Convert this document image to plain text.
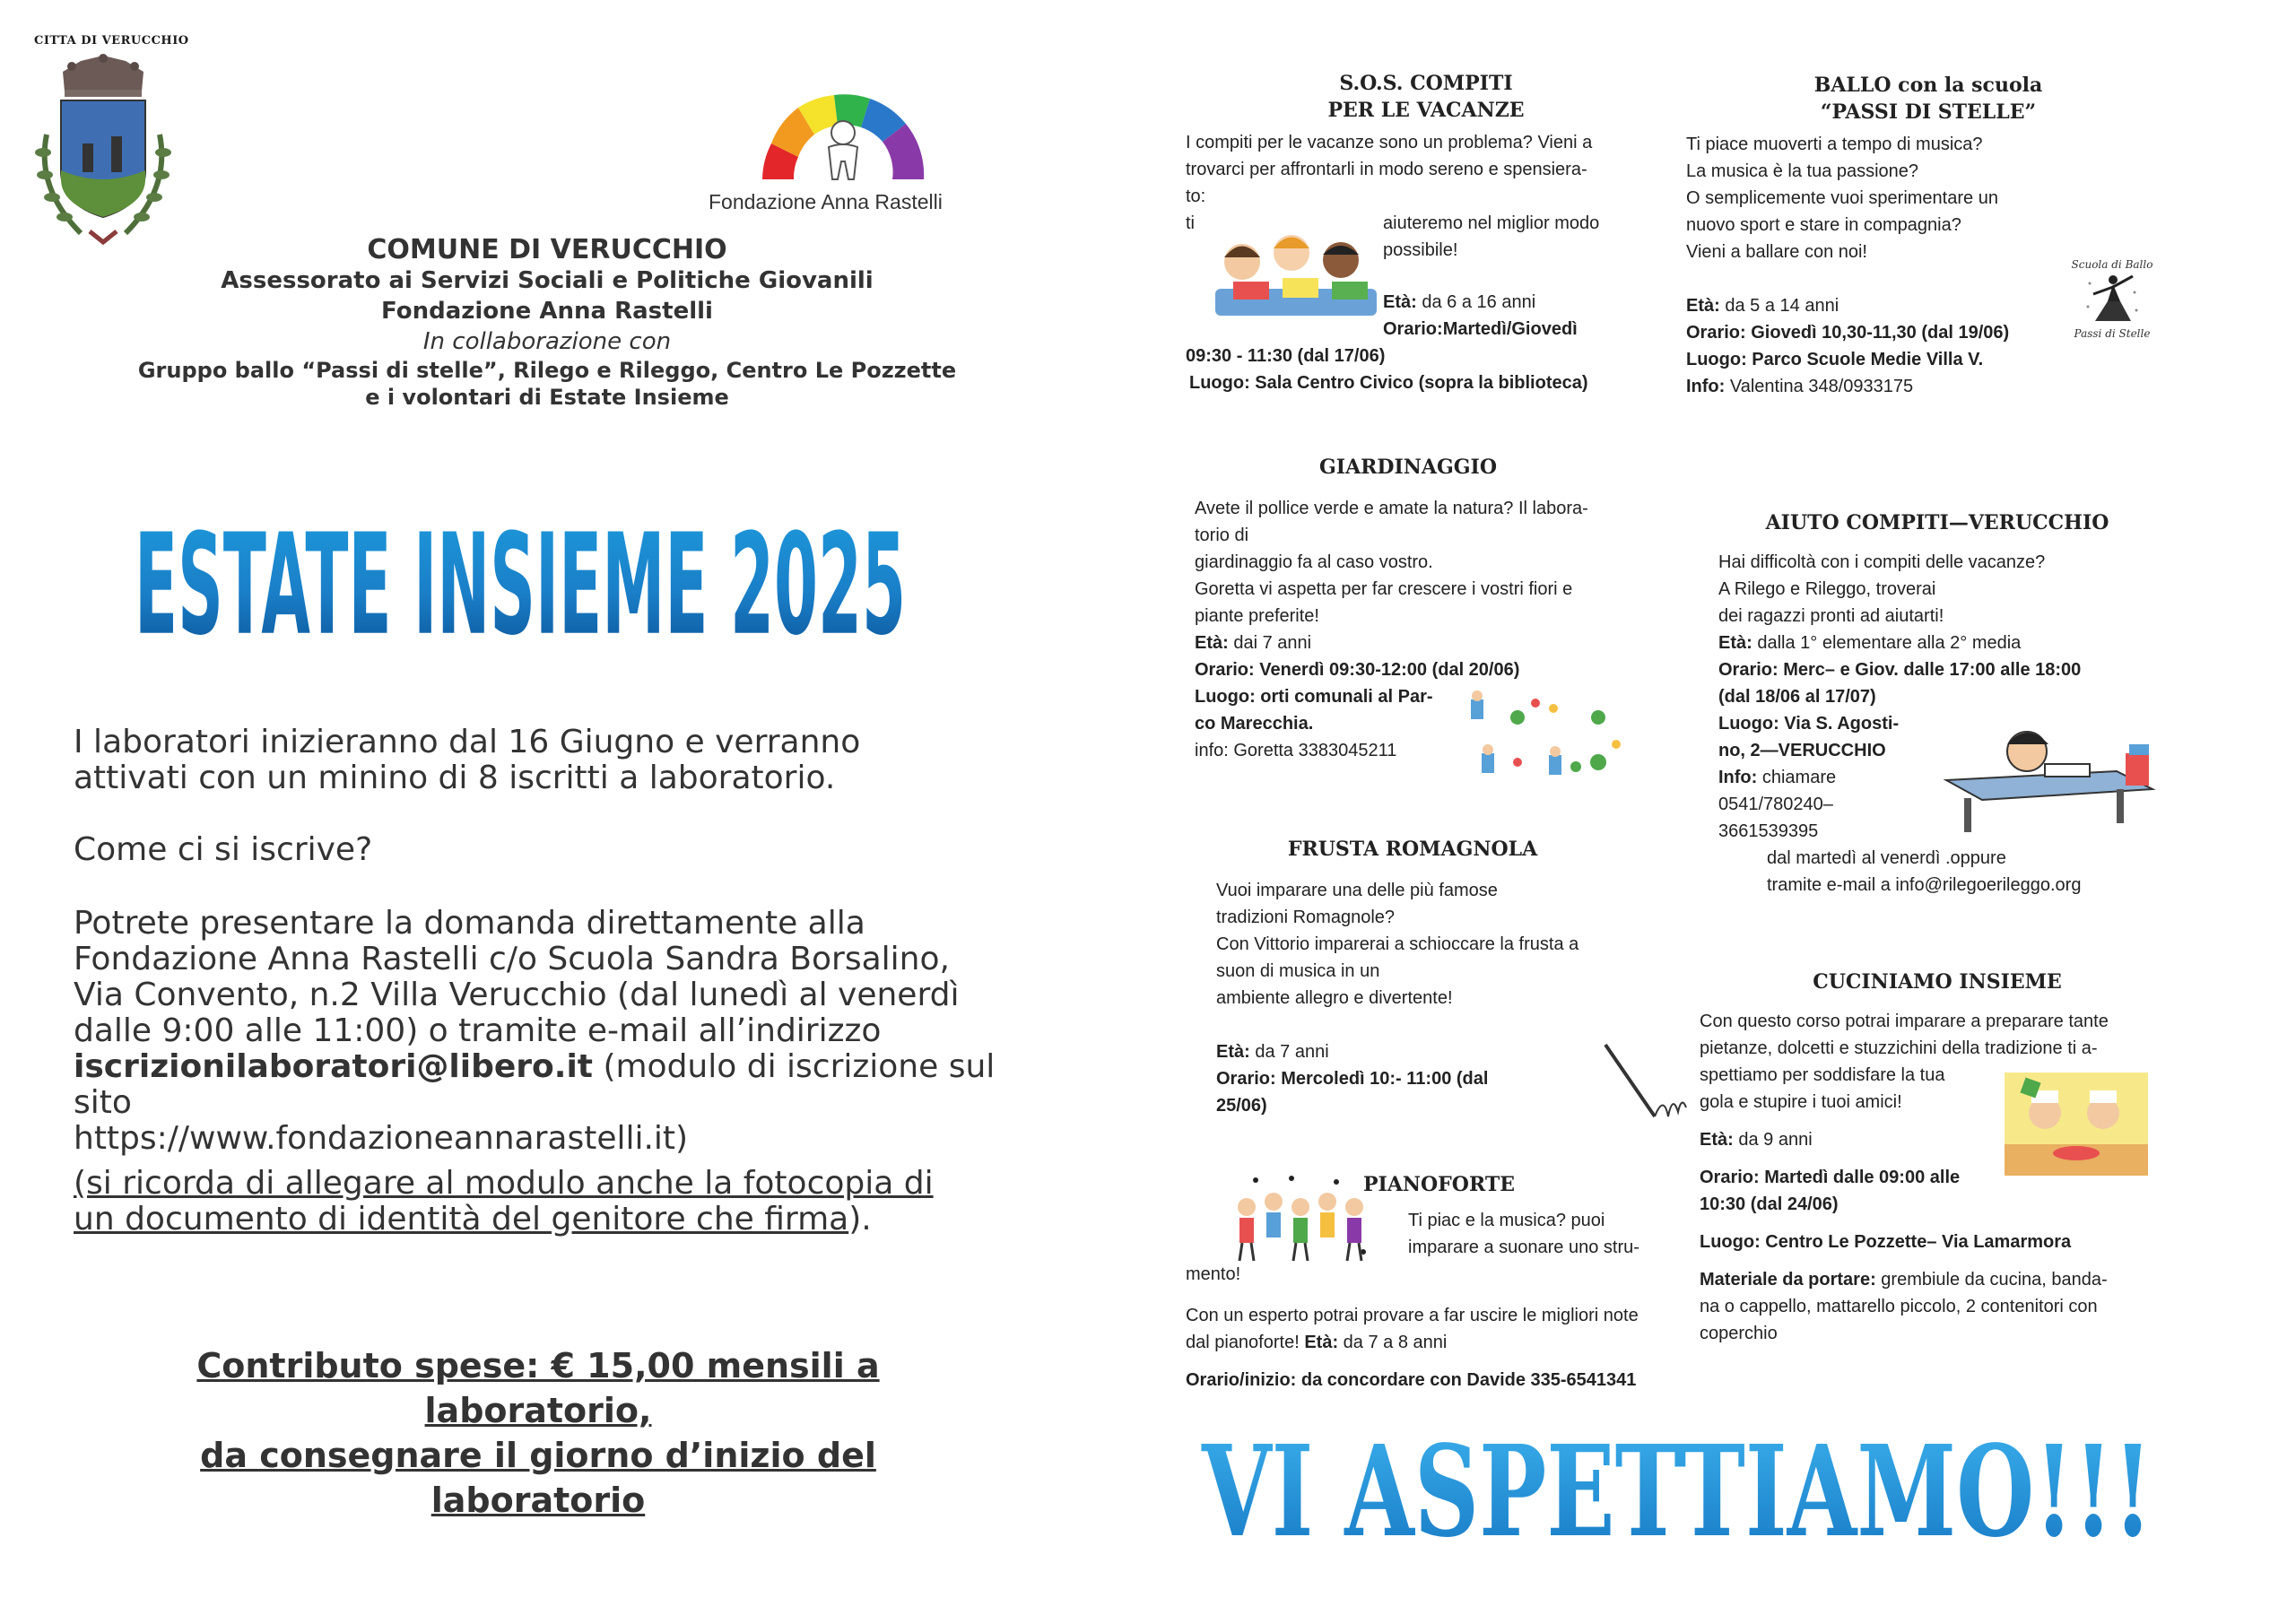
CITTA DI VERUCCHIO
Fondazione Anna Rastelli
COMUNE DI VERUCCHIO
Assessorato ai Servizi Sociali e Politiche Giovanili
Fondazione Anna Rastelli
In collaborazione con
Gruppo ballo “Passi di stelle”, Rilego e Rileggo, Centro Le Pozzette
e i volontari di Estate Insieme
ESTATE INSIEME 2025
I laboratori inizieranno dal 16 Giugno e verranno
attivati con un minino di 8 iscritti a laboratorio.
Come ci si iscrive?
Potrete presentare la domanda direttamente alla
Fondazione Anna Rastelli c/o Scuola Sandra Borsalino,
Via Convento, n.2 Villa Verucchio (dal lunedì al venerdì
dalle 9:00 alle 11:00) o tramite e-mail all’indirizzo
iscrizionilaboratori@libero.it (modulo di iscrizione sul sito
https://www.fondazioneannarastelli.it)
(si ricorda di allegare al modulo anche la fotocopia di
un documento di identità del genitore che firma).
Contributo spese: € 15,00 mensili a laboratorio,
da consegnare il giorno d’inizio del laboratorio
S.O.S. COMPITI
PER LE VACANZE
I compiti per le vacanze sono un problema? Vieni a
trovarci per affrontarli in modo sereno e spensiera-
to:
ti	aiuteremo nel miglior modo
possibile!
Età: da 6 a 16 anni
Orario:Martedì/Giovedì
09:30 - 11:30 (dal 17/06)
Luogo: Sala Centro Civico (sopra la biblioteca)
BALLO con la scuola
“PASSI DI STELLE”
Ti piace muoverti a tempo di musica?
La musica è la tua passione?
O semplicemente vuoi sperimentare un
nuovo sport e stare in compagnia?
Vieni a ballare con noi!
Età: da 5 a 14 anni
Orario: Giovedì 10,30-11,30 (dal 19/06)
Luogo: Parco Scuole Medie Villa V.
Info: Valentina 348/0933175
Scuola di Ballo
Passi di Stelle
GIARDINAGGIO
Avete il pollice verde e amate la natura? Il labora-
torio di
giardinaggio fa al caso vostro.
Goretta vi aspetta per far crescere i vostri fiori e
piante preferite!
Età: dai 7 anni
Orario: Venerdì 09:30-12:00 (dal 20/06)
Luogo: orti comunali al Par-
co Marecchia.
info: Goretta 3383045211
AIUTO COMPITI—VERUCCHIO
Hai difficoltà con i compiti delle vacanze?
A Rilego e Rileggo, troverai
dei ragazzi pronti ad aiutarti!
Età: dalla 1° elementare alla 2° media
Orario: Merc– e Giov. dalle 17:00 alle 18:00
(dal 18/06 al 17/07)
Luogo: Via S. Agosti-
no, 2—VERUCCHIO
Info: chiamare
0541/780240–
3661539395
dal martedì al venerdì .oppure
tramite e-mail a info@rilegoerileggo.org
FRUSTA ROMAGNOLA
Vuoi imparare una delle più famose
tradizioni Romagnole?
Con Vittorio imparerai a schioccare la frusta a
suon di musica in un
ambiente allegro e divertente!
Età: da 7 anni
Orario: Mercoledì 10:- 11:00 (dal
25/06)
CUCINIAMO INSIEME
Con questo corso potrai imparare a preparare tante
pietanze, dolcetti e stuzzichini della tradizione ti a-
spettiamo per soddisfare la tua
gola e stupire i tuoi amici!
Età: da 9 anni
Orario: Martedì dalle 09:00 alle
10:30 (dal 24/06)
Luogo: Centro Le Pozzette– Via Lamarmora
Materiale da portare: grembiule da cucina, banda-
na o cappello, mattarello piccolo, 2 contenitori con
coperchio
PIANOFORTE
Ti piac e la musica? puoi
imparare a suonare uno stru-
mento!
Con un esperto potrai provare a far uscire le migliori note
dal pianoforte! Età: da 7 a 8 anni
Orario/inizio: da concordare con Davide 335-6541341
VI ASPETTIAMO!!!
